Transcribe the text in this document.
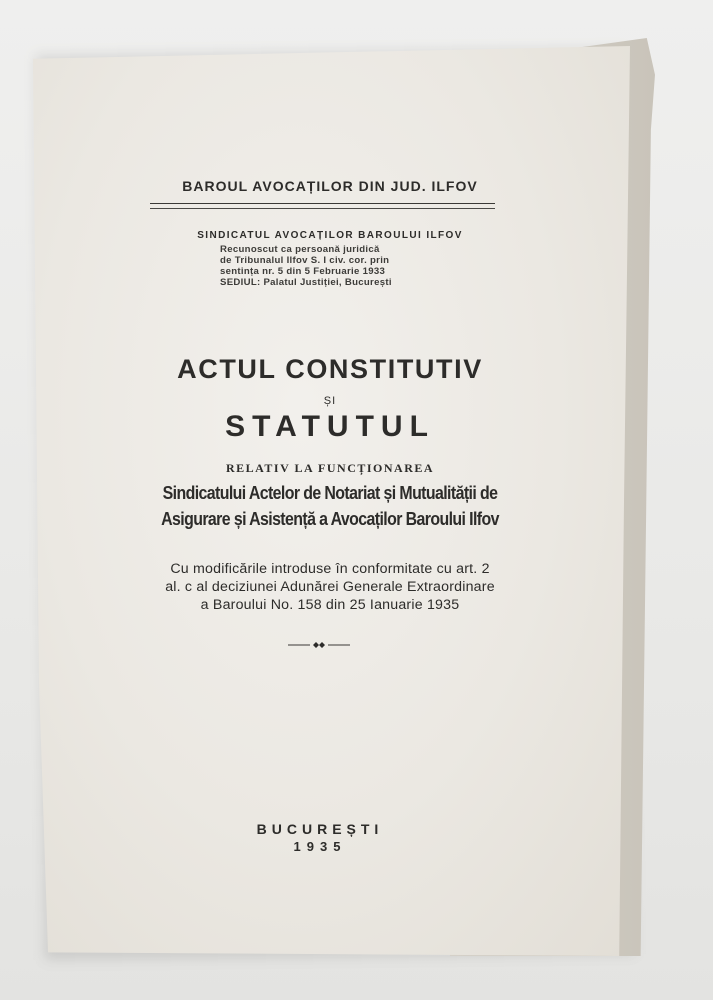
BAROUL AVOCAȚILOR DIN JUD. ILFOV

SINDICATUL AVOCAȚILOR BAROULUI ILFOV

Recunoscut ca persoană juridică

de Tribunalul Ilfov S. I civ. cor. prin

sentința nr. 5 din 5 Februarie 1933

SEDIUL: Palatul Justiției, București

ACTUL CONSTITUTIV

ȘI

STATUTUL

RELATIV LA FUNCȚIONAREA

Sindicatului Actelor de Notariat și Mutualității de

Asigurare și Asistență a Avocaților Baroului Ilfov

Cu modificările introduse în conformitate cu art. 2

al. c al deciziunei Adunărei Generale Extraordinare

a Baroului No. 158 din 25 Ianuarie 1935

BUCUREȘTI

1935
